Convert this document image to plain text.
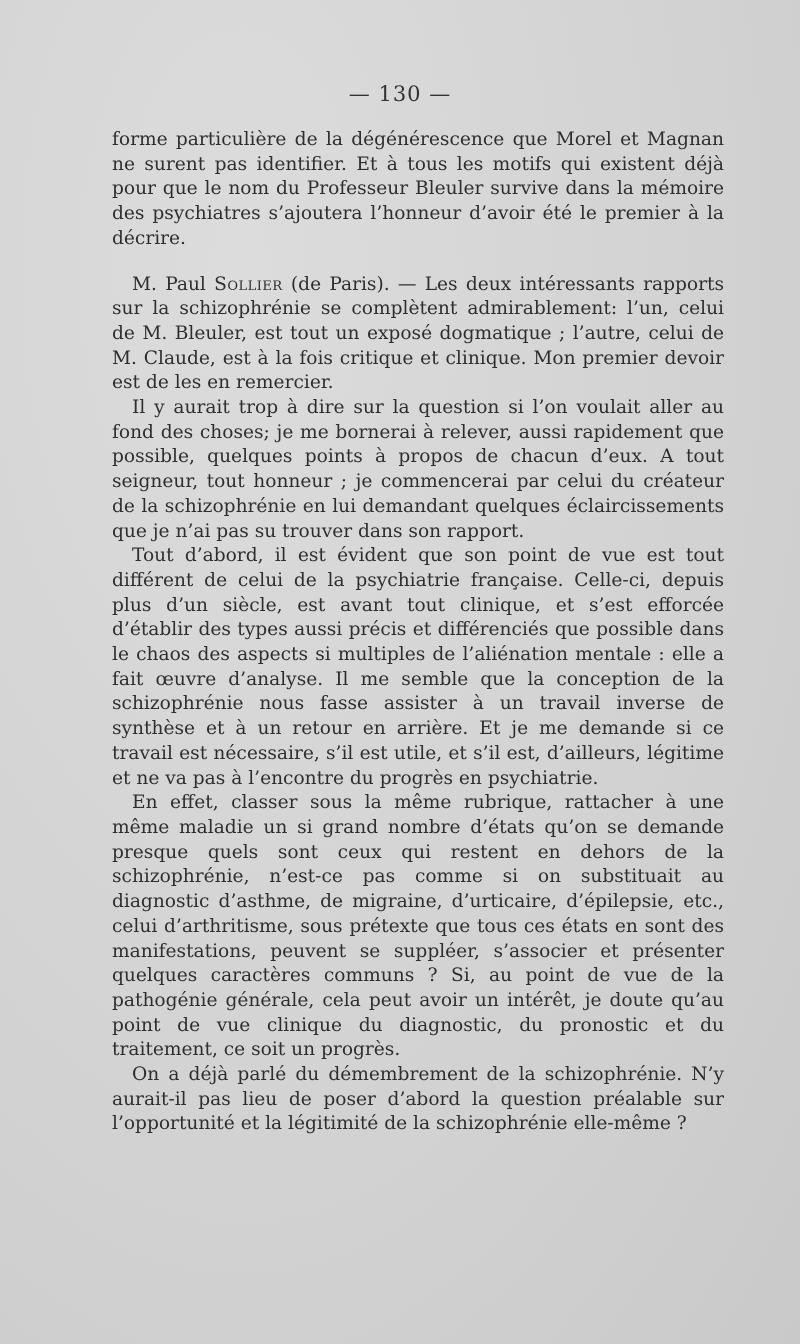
— 130 —

forme particulière de la dégénérescence que Morel et Magnan ne surent pas identifier. Et à tous les motifs qui existent déjà pour que le nom du Professeur Bleuler survive dans la mémoire des psychiatres s’ajoutera l’honneur d’avoir été le premier à la décrire.

M. Paul Sollier (de Paris). — Les deux intéressants rapports sur la schizophrénie se complètent admirablement: l’un, celui de M. Bleuler, est tout un exposé dogmatique ; l’autre, celui de M. Claude, est à la fois critique et clinique. Mon premier devoir est de les en remercier.

Il y aurait trop à dire sur la question si l’on voulait aller au fond des choses; je me bornerai à relever, aussi rapidement que possible, quelques points à propos de chacun d’eux. A tout seigneur, tout honneur ; je commencerai par celui du créateur de la schizophrénie en lui demandant quelques éclaircissements que je n’ai pas su trouver dans son rapport.

Tout d’abord, il est évident que son point de vue est tout différent de celui de la psychiatrie française. Celle-ci, depuis plus d’un siècle, est avant tout clinique, et s’est efforcée d’établir des types aussi précis et différenciés que possible dans le chaos des aspects si multiples de l’aliénation mentale : elle a fait œuvre d’analyse. Il me semble que la conception de la schizophrénie nous fasse assister à un travail inverse de synthèse et à un retour en arrière. Et je me demande si ce travail est nécessaire, s’il est utile, et s’il est, d’ailleurs, légitime et ne va pas à l’encontre du progrès en psychiatrie.

En effet, classer sous la même rubrique, rattacher à une même maladie un si grand nombre d’états qu’on se demande presque quels sont ceux qui restent en dehors de la schizophrénie, n’est-ce pas comme si on substituait au diagnostic d’asthme, de migraine, d’urticaire, d’épilepsie, etc., celui d’arthritisme, sous prétexte que tous ces états en sont des manifestations, peuvent se suppléer, s’associer et présenter quelques caractères communs ? Si, au point de vue de la pathogénie générale, cela peut avoir un intérêt, je doute qu’au point de vue clinique du diagnostic, du pronostic et du traitement, ce soit un progrès.

On a déjà parlé du démembrement de la schizophrénie. N’y aurait-il pas lieu de poser d’abord la question préalable sur l’opportunité et la légitimité de la schizophrénie elle-même ?
